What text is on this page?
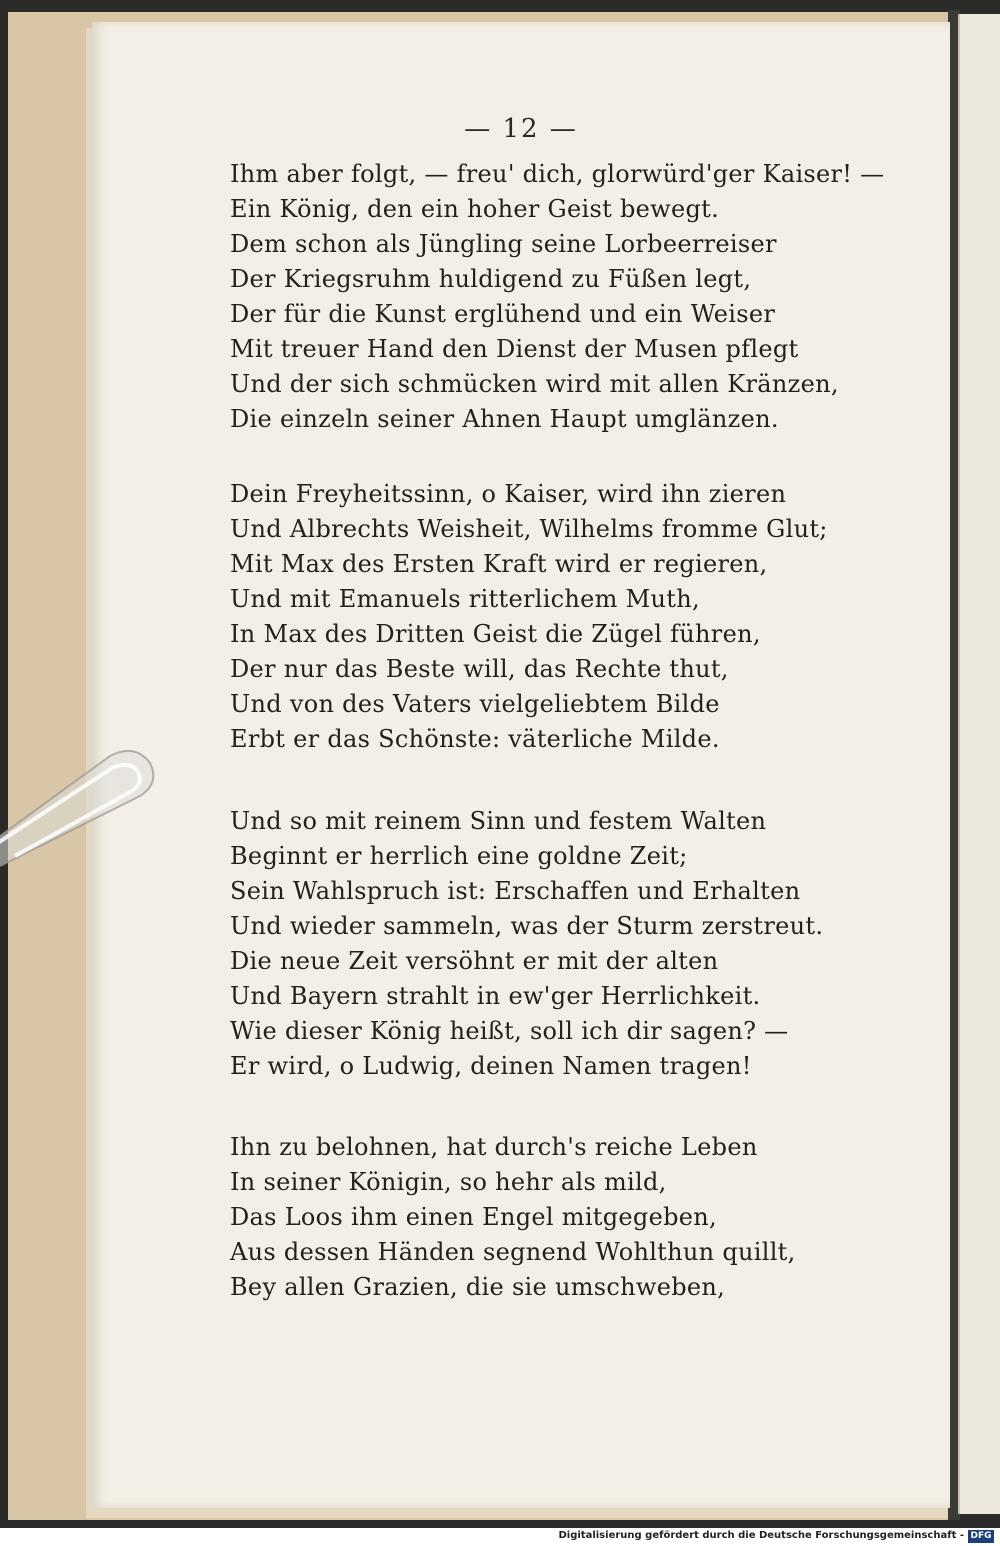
— 12 —
Ihm aber folgt, — freu' dich, glorwürd'ger Kaiser! —
Ein König, den ein hoher Geist bewegt.
Dem schon als Jüngling seine Lorbeerreiser
Der Kriegsruhm huldigend zu Füßen legt,
Der für die Kunst erglühend und ein Weiser
Mit treuer Hand den Dienst der Musen pflegt
Und der sich schmücken wird mit allen Kränzen,
Die einzeln seiner Ahnen Haupt umglänzen.
Dein Freyheitssinn, o Kaiser, wird ihn zieren
Und Albrechts Weisheit, Wilhelms fromme Glut;
Mit Max des Ersten Kraft wird er regieren,
Und mit Emanuels ritterlichem Muth,
In Max des Dritten Geist die Zügel führen,
Der nur das Beste will, das Rechte thut,
Und von des Vaters vielgeliebtem Bilde
Erbt er das Schönste: väterliche Milde.
Und so mit reinem Sinn und festem Walten
Beginnt er herrlich eine goldne Zeit;
Sein Wahlspruch ist: Erschaffen und Erhalten
Und wieder sammeln, was der Sturm zerstreut.
Die neue Zeit versöhnt er mit der alten
Und Bayern strahlt in ew'ger Herrlichkeit.
Wie dieser König heißt, soll ich dir sagen? —
Er wird, o Ludwig, deinen Namen tragen!
Ihn zu belohnen, hat durch's reiche Leben
In seiner Königin, so hehr als mild,
Das Loos ihm einen Engel mitgegeben,
Aus dessen Händen segnend Wohlthun quillt,
Bey allen Grazien, die sie umschweben,
Digitalisierung gefördert durch die Deutsche Forschungsgemeinschaft - DFG
